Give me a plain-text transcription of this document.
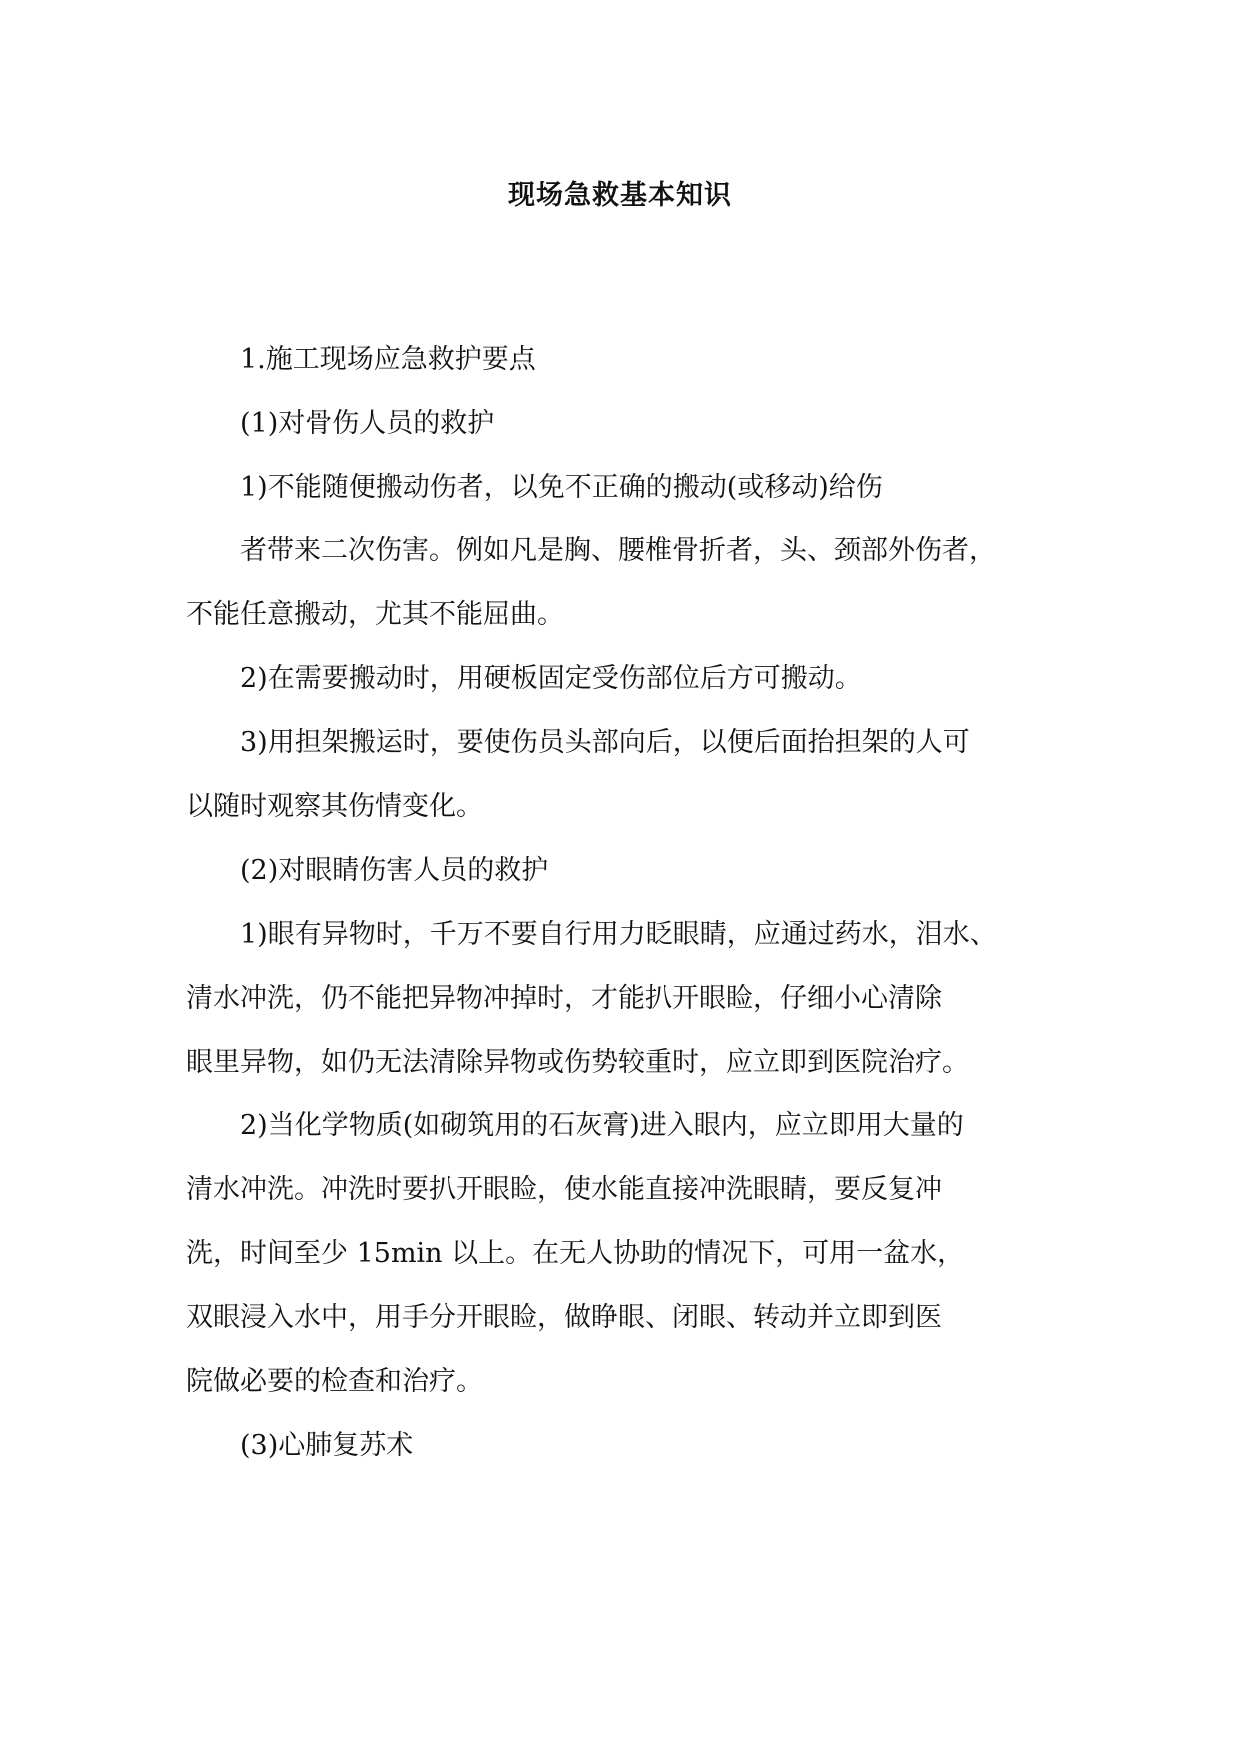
现场急救基本知识
1.施工现场应急救护要点
(1)对骨伤人员的救护
1)不能随便搬动伤者，以免不正确的搬动(或移动)给伤
者带来二次伤害。例如凡是胸、腰椎骨折者，头、颈部外伤者，
不能任意搬动，尤其不能屈曲。
2)在需要搬动时，用硬板固定受伤部位后方可搬动。
3)用担架搬运时，要使伤员头部向后，以便后面抬担架的人可
以随时观察其伤情变化。
(2)对眼睛伤害人员的救护
1)眼有异物时，千万不要自行用力眨眼睛，应通过药水，泪水、
清水冲洗，仍不能把异物冲掉时，才能扒开眼睑，仔细小心清除
眼里异物，如仍无法清除异物或伤势较重时，应立即到医院治疗。
2)当化学物质(如砌筑用的石灰膏)进入眼内，应立即用大量的
清水冲洗。冲洗时要扒开眼睑，使水能直接冲洗眼睛，要反复冲
洗，时间至少 15min 以上。在无人协助的情况下，可用一盆水，
双眼浸入水中，用手分开眼睑，做睁眼、闭眼、转动并立即到医
院做必要的检查和治疗。
(3)心肺复苏术
